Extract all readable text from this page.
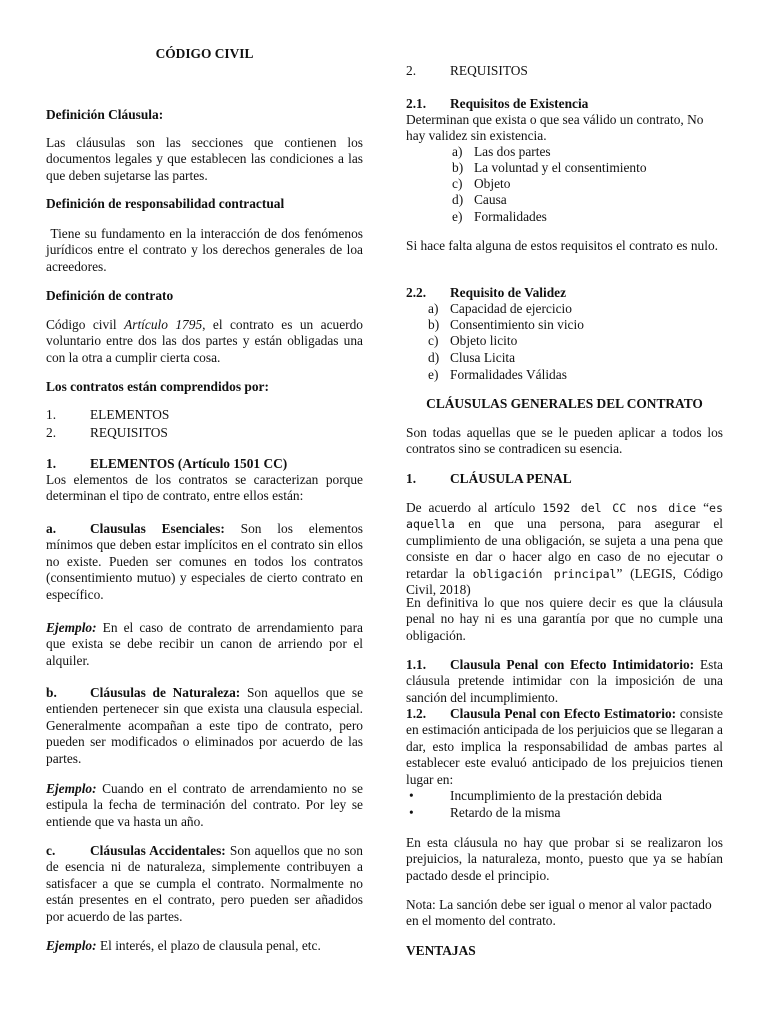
CÓDIGO CIVIL
Definición Cláusula:

Las cláusulas son las secciones que contienen los documentos legales y que establecen las condiciones a las que deben sujetarse las partes.

Definición de responsabilidad contractual

Tiene su fundamento en la interacción de dos fenómenos jurídicos entre el contrato y los derechos generales de loa acreedores.

Definición de contrato

Código civil Artículo 1795, el contrato es un acuerdo voluntario entre dos las dos partes y están obligadas una con la otra a cumplir cierta cosa.

Los contratos están comprendidos por:
1.	ELEMENTOS
2.	REQUISITOS
1.	ELEMENTOS (Artículo 1501 CC)

Los elementos de los contratos se caracterizan porque determinan el tipo de contrato, entre ellos están:

a.	Clausulas Esenciales: Son los elementos mínimos que deben estar implícitos en el contrato sin ellos no existe. Pueden ser comunes en todos los contratos (consentimiento mutuo) y especiales de cierto contrato en específico.

Ejemplo: En el caso de contrato de arrendamiento para que exista se debe recibir un canon de arriendo por el alquiler.

b. Cláusulas de Naturaleza: Son aquellos que se entienden pertenecer sin que exista una clausula especial. Generalmente acompañan a este tipo de contrato, pero pueden ser modificados o eliminados por acuerdo de las partes.

Ejemplo: Cuando en el contrato de arrendamiento no se estipula la fecha de terminación del contrato. Por ley se entiende que va hasta un año.

c.	Cláusulas Accidentales: Son aquellos que no son de esencia ni de naturaleza, simplemente contribuyen a satisfacer a que se cumpla el contrato. Normalmente no están presentes en el contrato, pero pueden ser añadidos por acuerdo de las partes.

Ejemplo: El interés, el plazo de clausula penal, etc.

2.	REQUISITOS
2.1. Requisitos de Existencia

Determinan que exista o que sea válido un contrato, No hay validez sin existencia.

a) Las dos partes
b) La voluntad y el consentimiento
c) Objeto
d) Causa
e) Formalidades

Si hace falta alguna de estos requisitos el contrato es nulo.

2.2. Requisito de Validez
a) Capacidad de ejercicio
b) Consentimiento sin vicio
c) Objeto licito
d) Clusa Licita
e) Formalidades Válidas
CLÁUSULAS GENERALES DEL CONTRATO

Son todas aquellas que se le pueden aplicar a todos los contratos sino se contradicen su esencia.

1.	CLÁUSULA PENAL

De acuerdo al artículo 1592 del CC nos dice “es aquella en que una persona, para asegurar el cumplimiento de una obligación, se sujeta a una pena que consiste en dar o hacer algo en caso de no ejecutar o retardar la obligación principal” (LEGIS, Código Civil, 2018)

En definitiva lo que nos quiere decir es que la cláusula penal no hay ni es una garantía por que no cumple una obligación.

1.1. Clausula Penal con Efecto Intimidatorio: Esta cláusula pretende intimidar con la imposición de una sanción del incumplimiento.

1.2. Clausula Penal con Efecto Estimatorio: consiste en estimación anticipada de los perjuicios que se llegaran a dar, esto implica la responsabilidad de ambas partes al establecer este evaluó anticipado de los prejuicios tienen lugar en:

•	Incumplimiento de la prestación debida
•	Retardo de la misma

En esta cláusula no hay que probar si se realizaron los prejuicios, la naturaleza, monto, puesto que ya se habían pactado desde el principio.

Nota: La sanción debe ser igual o menor al valor pactado en el momento del contrato.

VENTAJAS
